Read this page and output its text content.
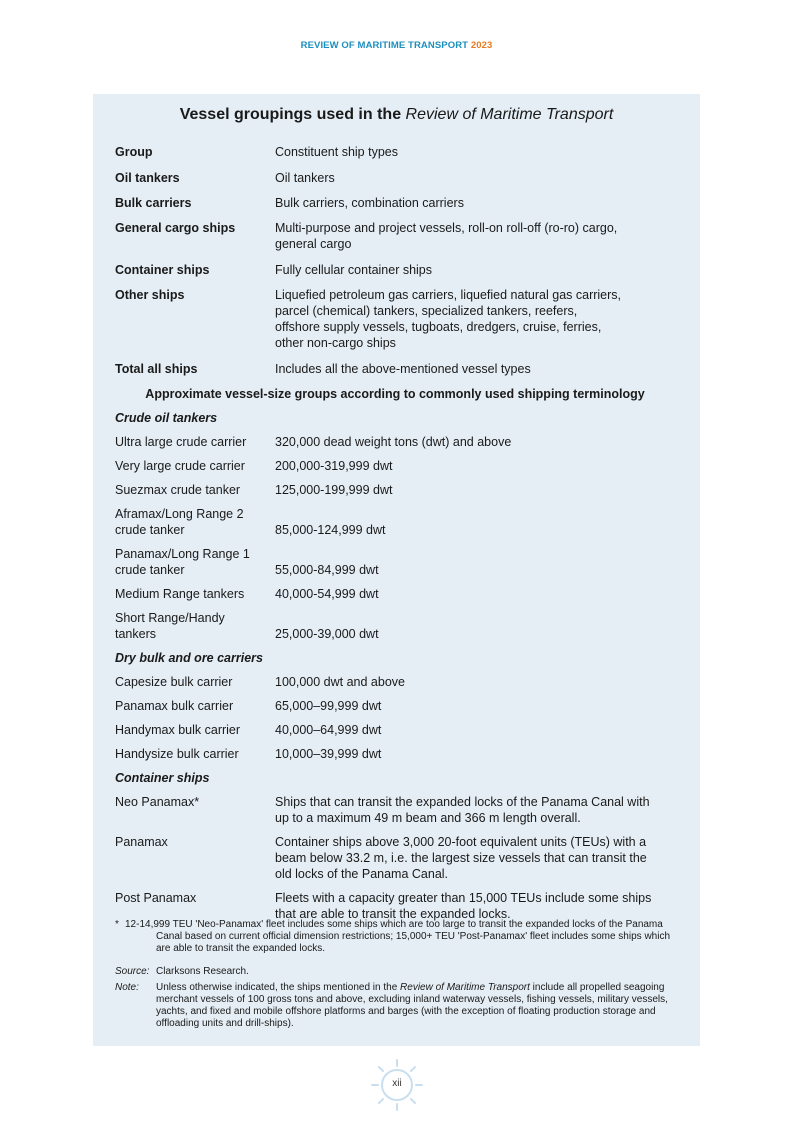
REVIEW OF MARITIME TRANSPORT 2023
Vessel groupings used in the Review of Maritime Transport
Group	Constituent ship types
Oil tankers	Oil tankers
Bulk carriers	Bulk carriers, combination carriers
General cargo ships	Multi-purpose and project vessels, roll-on roll-off (ro-ro) cargo,
general cargo
Container ships	Fully cellular container ships
Other ships	Liquefied petroleum gas carriers, liquefied natural gas carriers,
parcel (chemical) tankers, specialized tankers, reefers,
offshore supply vessels, tugboats, dredgers, cruise, ferries,
other non-cargo ships
Total all ships	Includes all the above-mentioned vessel types
Approximate vessel-size groups according to commonly used shipping terminology
Crude oil tankers
Ultra large crude carrier	320,000 dead weight tons (dwt) and above
Very large crude carrier	200,000-319,999 dwt
Suezmax crude tanker	125,000-199,999 dwt
Aframax/Long Range 2
crude tanker	85,000-124,999 dwt
Panamax/Long Range 1
crude tanker	55,000-84,999 dwt
Medium Range tankers	40,000-54,999 dwt
Short Range/Handy
tankers	25,000-39,000 dwt
Dry bulk and ore carriers
Capesize bulk carrier	100,000 dwt and above
Panamax bulk carrier	65,000–99,999 dwt
Handymax bulk carrier	40,000–64,999 dwt
Handysize bulk carrier	10,000–39,999 dwt
Container ships
Neo Panamax*	Ships that can transit the expanded locks of the Panama Canal with
up to a maximum 49 m beam and 366 m length overall.
Panamax	Container ships above 3,000 20-foot equivalent units (TEUs) with a
beam below 33.2 m, i.e. the largest size vessels that can transit the
old locks of the Panama Canal.
Post Panamax	Fleets with a capacity greater than 15,000 TEUs include some ships
that are able to transit the expanded locks.
* 12-14,999 TEU 'Neo-Panamax' fleet includes some ships which are too large to transit the expanded locks of the Panama Canal based on current official dimension restrictions; 15,000+ TEU 'Post-Panamax' fleet includes some ships which are able to transit the expanded locks.
Source: Clarksons Research.
Note:	Unless otherwise indicated, the ships mentioned in the Review of Maritime Transport include all propelled seagoing merchant vessels of 100 gross tons and above, excluding inland waterway vessels, fishing vessels, military vessels, yachts, and fixed and mobile offshore platforms and barges (with the exception of floating production storage and offloading units and drill-ships).
xii
